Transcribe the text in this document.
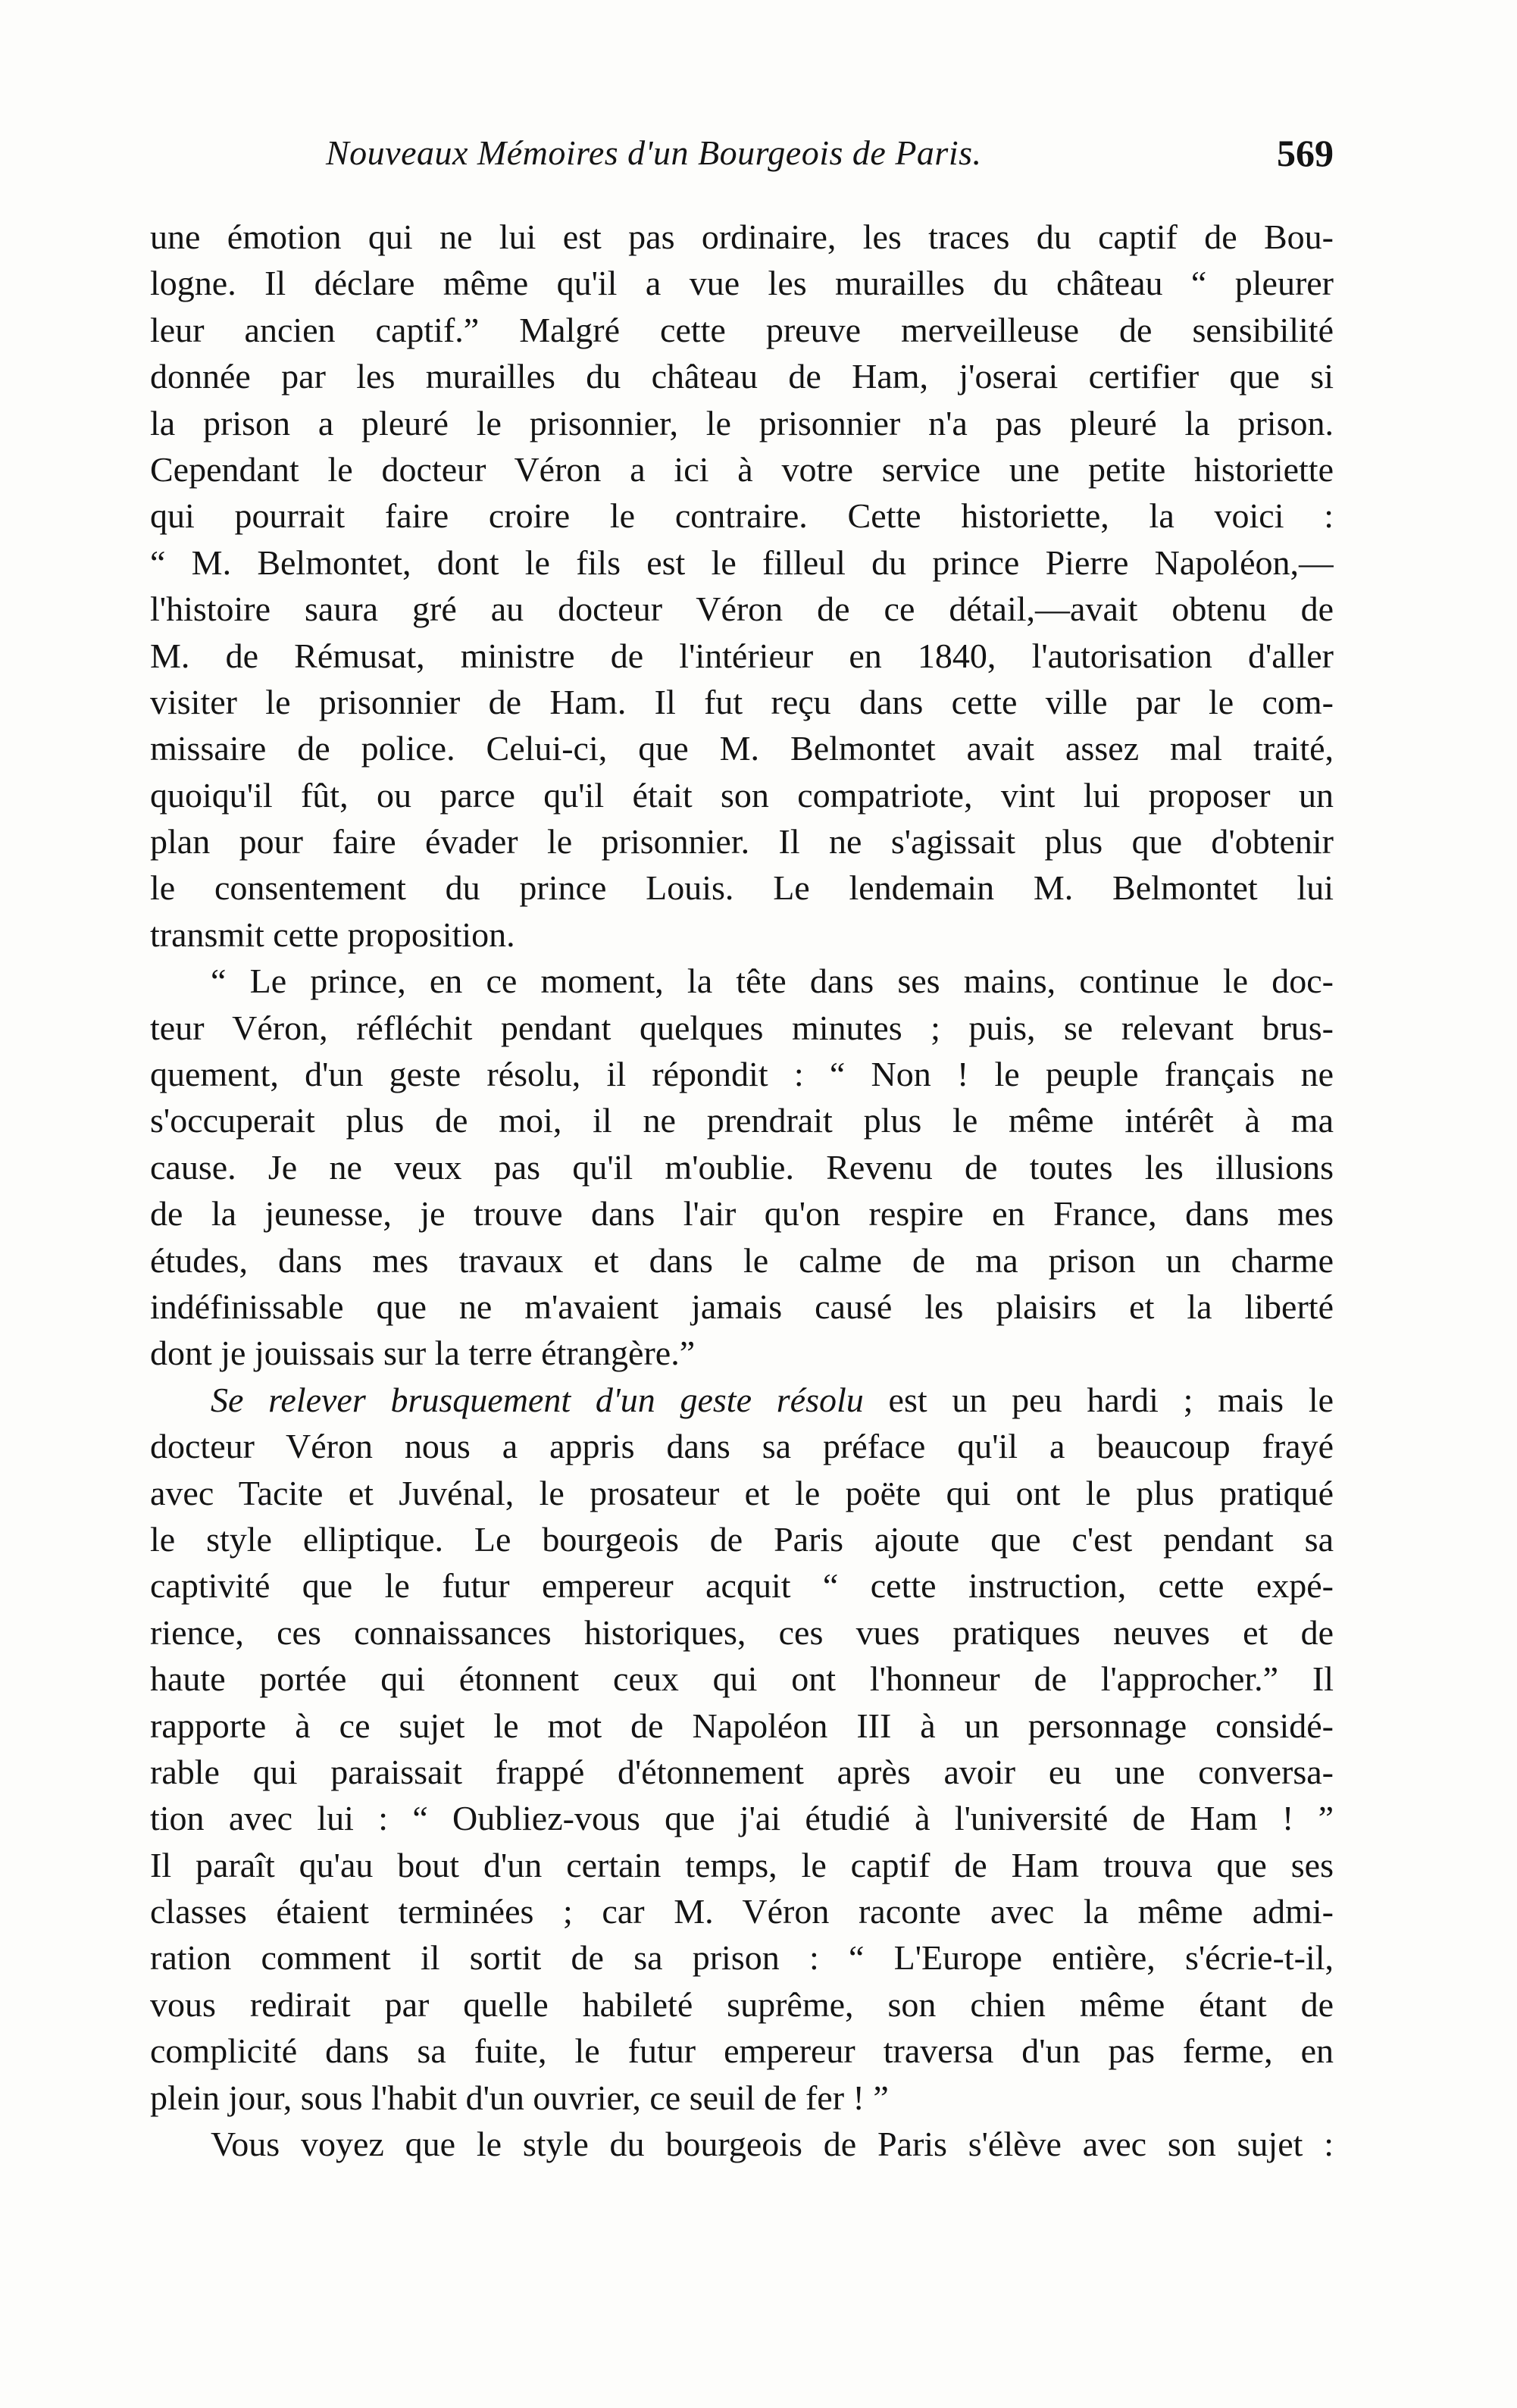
Nouveaux Mémoires d'un Bourgeois de Paris.	569
une émotion qui ne lui est pas ordinaire, les traces du captif de Bou-
logne. Il déclare même qu'il a vue les murailles du château “ pleurer
leur ancien captif.” Malgré cette preuve merveilleuse de sensibilité
donnée par les murailles du château de Ham, j'oserai certifier que si
la prison a pleuré le prisonnier, le prisonnier n'a pas pleuré la prison.
Cependant le docteur Véron a ici à votre service une petite historiette
qui pourrait faire croire le contraire. Cette historiette, la voici :
“ M. Belmontet, dont le fils est le filleul du prince Pierre Napoléon,—
l'histoire saura gré au docteur Véron de ce détail,—avait obtenu de
M. de Rémusat, ministre de l'intérieur en 1840, l'autorisation d'aller
visiter le prisonnier de Ham. Il fut reçu dans cette ville par le com-
missaire de police. Celui-ci, que M. Belmontet avait assez mal traité,
quoiqu'il fût, ou parce qu'il était son compatriote, vint lui proposer un
plan pour faire évader le prisonnier. Il ne s'agissait plus que d'obtenir
le consentement du prince Louis. Le lendemain M. Belmontet lui
transmit cette proposition.
“ Le prince, en ce moment, la tête dans ses mains, continue le doc-
teur Véron, réfléchit pendant quelques minutes ; puis, se relevant brus-
quement, d'un geste résolu, il répondit : “ Non ! le peuple français ne
s'occuperait plus de moi, il ne prendrait plus le même intérêt à ma
cause. Je ne veux pas qu'il m'oublie. Revenu de toutes les illusions
de la jeunesse, je trouve dans l'air qu'on respire en France, dans mes
études, dans mes travaux et dans le calme de ma prison un charme
indéfinissable que ne m'avaient jamais causé les plaisirs et la liberté
dont je jouissais sur la terre étrangère.”
Se relever brusquement d'un geste résolu est un peu hardi ; mais le
docteur Véron nous a appris dans sa préface qu'il a beaucoup frayé
avec Tacite et Juvénal, le prosateur et le poëte qui ont le plus pratiqué
le style elliptique. Le bourgeois de Paris ajoute que c'est pendant sa
captivité que le futur empereur acquit “ cette instruction, cette expé-
rience, ces connaissances historiques, ces vues pratiques neuves et de
haute portée qui étonnent ceux qui ont l'honneur de l'approcher.” Il
rapporte à ce sujet le mot de Napoléon III à un personnage considé-
rable qui paraissait frappé d'étonnement après avoir eu une conversa-
tion avec lui : “ Oubliez-vous que j'ai étudié à l'université de Ham ! ”
Il paraît qu'au bout d'un certain temps, le captif de Ham trouva que ses
classes étaient terminées ; car M. Véron raconte avec la même admi-
ration comment il sortit de sa prison : “ L'Europe entière, s'écrie-t-il,
vous redirait par quelle habileté suprême, son chien même étant de
complicité dans sa fuite, le futur empereur traversa d'un pas ferme, en
plein jour, sous l'habit d'un ouvrier, ce seuil de fer ! ”
Vous voyez que le style du bourgeois de Paris s'élève avec son sujet :
